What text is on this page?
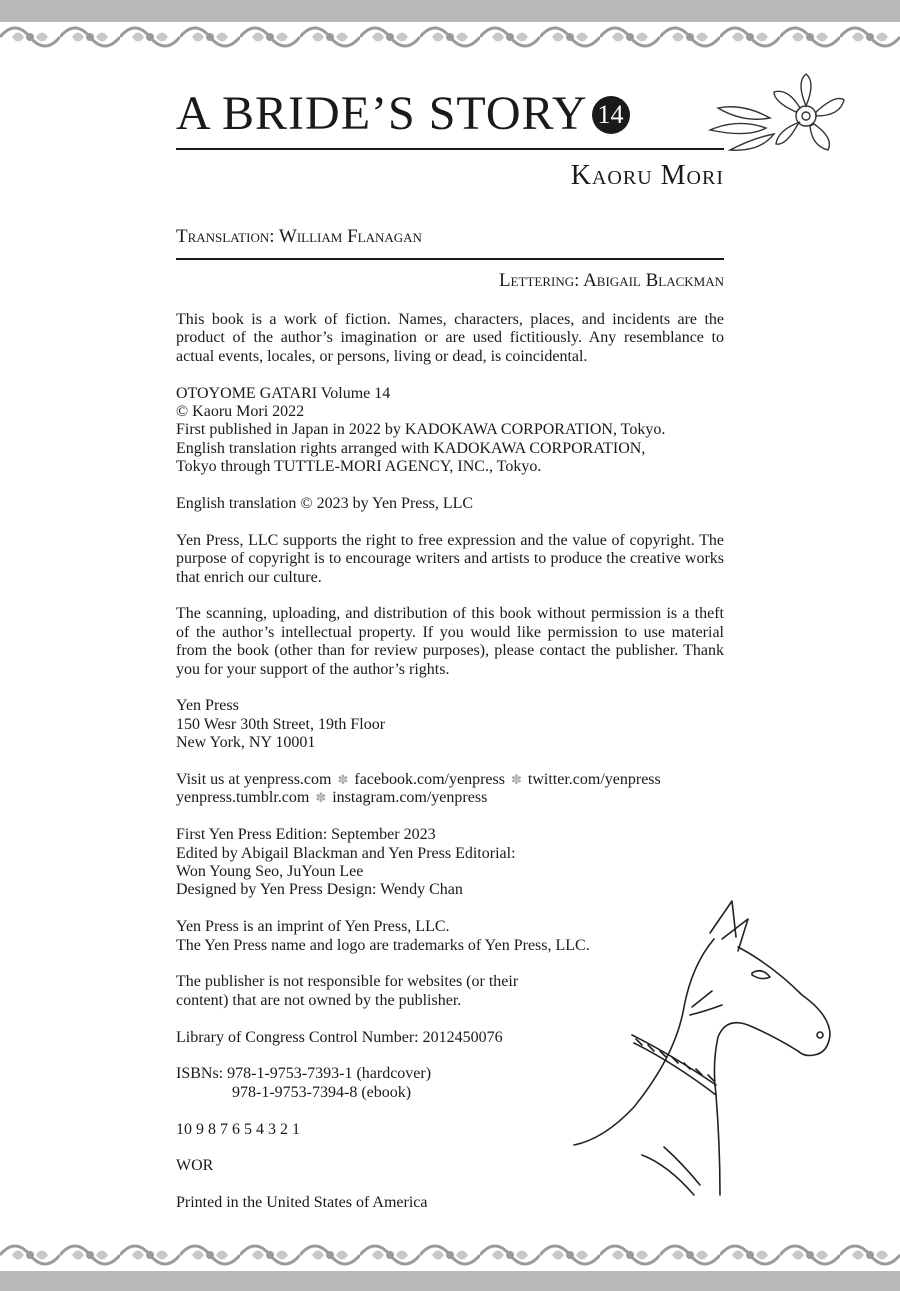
A BRIDE’S STORY 14
Kaoru Mori
Translation: William Flanagan
Lettering: Abigail Blackman

This book is a work of fiction. Names, characters, places, and incidents are the product of the author’s imagination or are used fictitiously. Any resemblance to actual events, locales, or persons, living or dead, is coincidental.

OTOYOME GATARI Volume 14
© Kaoru Mori 2022
First published in Japan in 2022 by KADOKAWA CORPORATION, Tokyo.
English translation rights arranged with KADOKAWA CORPORATION,
Tokyo through TUTTLE-MORI AGENCY, INC., Tokyo.

English translation © 2023 by Yen Press, LLC

Yen Press, LLC supports the right to free expression and the value of copyright. The purpose of copyright is to encourage writers and artists to produce the creative works that enrich our culture.

The scanning, uploading, and distribution of this book without permission is a theft of the author’s intellectual property. If you would like permission to use material from the book (other than for review purposes), please contact the publisher. Thank you for your support of the author’s rights.

Yen Press
150 Wesr 30th Street, 19th Floor
New York, NY 10001

Visit us at yenpress.com ✽ facebook.com/yenpress ✽ twitter.com/yenpress
yenpress.tumblr.com ✽ instagram.com/yenpress

First Yen Press Edition: September 2023
Edited by Abigail Blackman and Yen Press Editorial:
Won Young Seo, JuYoun Lee
Designed by Yen Press Design: Wendy Chan

Yen Press is an imprint of Yen Press, LLC.
The Yen Press name and logo are trademarks of Yen Press, LLC.

The publisher is not responsible for websites (or their
content) that are not owned by the publisher.

Library of Congress Control Number: 2012450076

ISBNs: 978-1-9753-7393-1 (hardcover)
978-1-9753-7394-8 (ebook)

10 9 8 7 6 5 4 3 2 1

WOR

Printed in the United States of America
